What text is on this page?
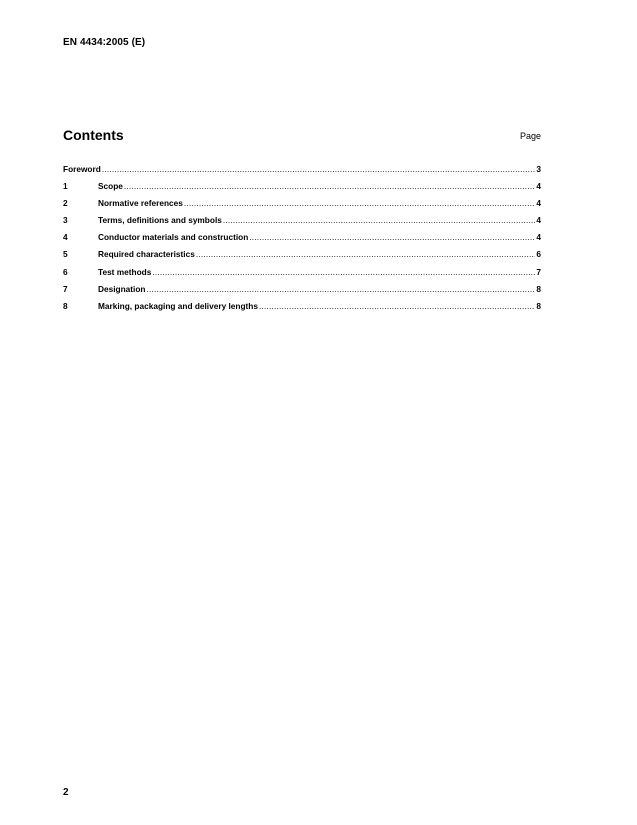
EN 4434:2005 (E)
Contents	Page
Foreword .....	3
1	Scope .....	4
2	Normative references .....	4
3	Terms, definitions and symbols .....	4
4	Conductor materials and construction .....	4
5	Required characteristics .....	6
6	Test methods .....	7
7	Designation .....	8
8	Marking, packaging and delivery lengths .....	8
2
